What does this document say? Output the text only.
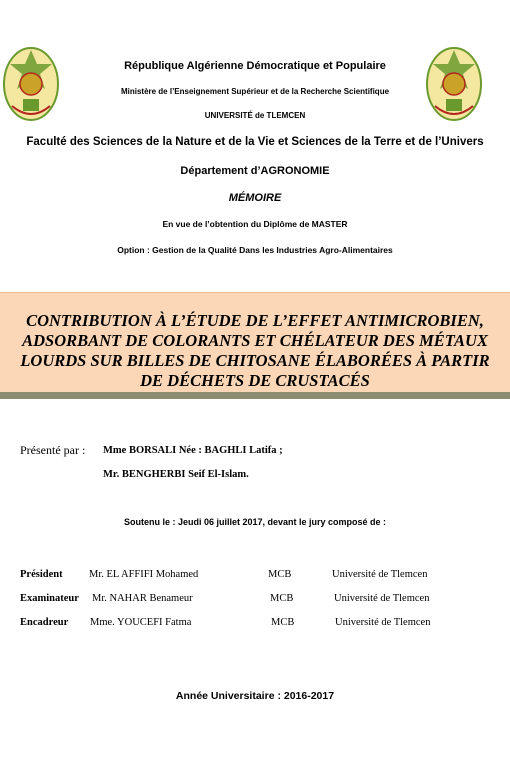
République Algérienne Démocratique et Populaire
Ministère de l’Enseignement Supérieur et de la Recherche Scientifique
UNIVERSITÉ de TLEMCEN
Faculté des Sciences de la Nature et de la Vie et Sciences de la Terre et de l’Univers
Département d’AGRONOMIE
MÉMOIRE
En vue de l’obtention du Diplôme de MASTER
Option : Gestion de la Qualité Dans les Industries Agro-Alimentaires
CONTRIBUTION À L’ÉTUDE DE L’EFFET ANTIMICROBIEN,
ADSORBANT DE COLORANTS ET CHÉLATEUR DES MÉTAUX
LOURDS SUR BILLES DE CHITOSANE ÉLABORÉES À PARTIR
DE DÉCHETS DE CRUSTACÉS
Présenté par : Mme BORSALI Née : BAGHLI Latifa ;
Mr. BENGHERBI Seif El-Islam.
Soutenu le : Jeudi 06 juillet 2017, devant le jury composé de :
Président	Mr. EL AFFIFI Mohamed	MCB	Université de Tlemcen
Examinateur Mr. NAHAR Benameur	MCB	Université de Tlemcen
Encadreur Mme. YOUCEFI Fatma	MCB	Université de Tlemcen
Année Universitaire : 2016-2017
